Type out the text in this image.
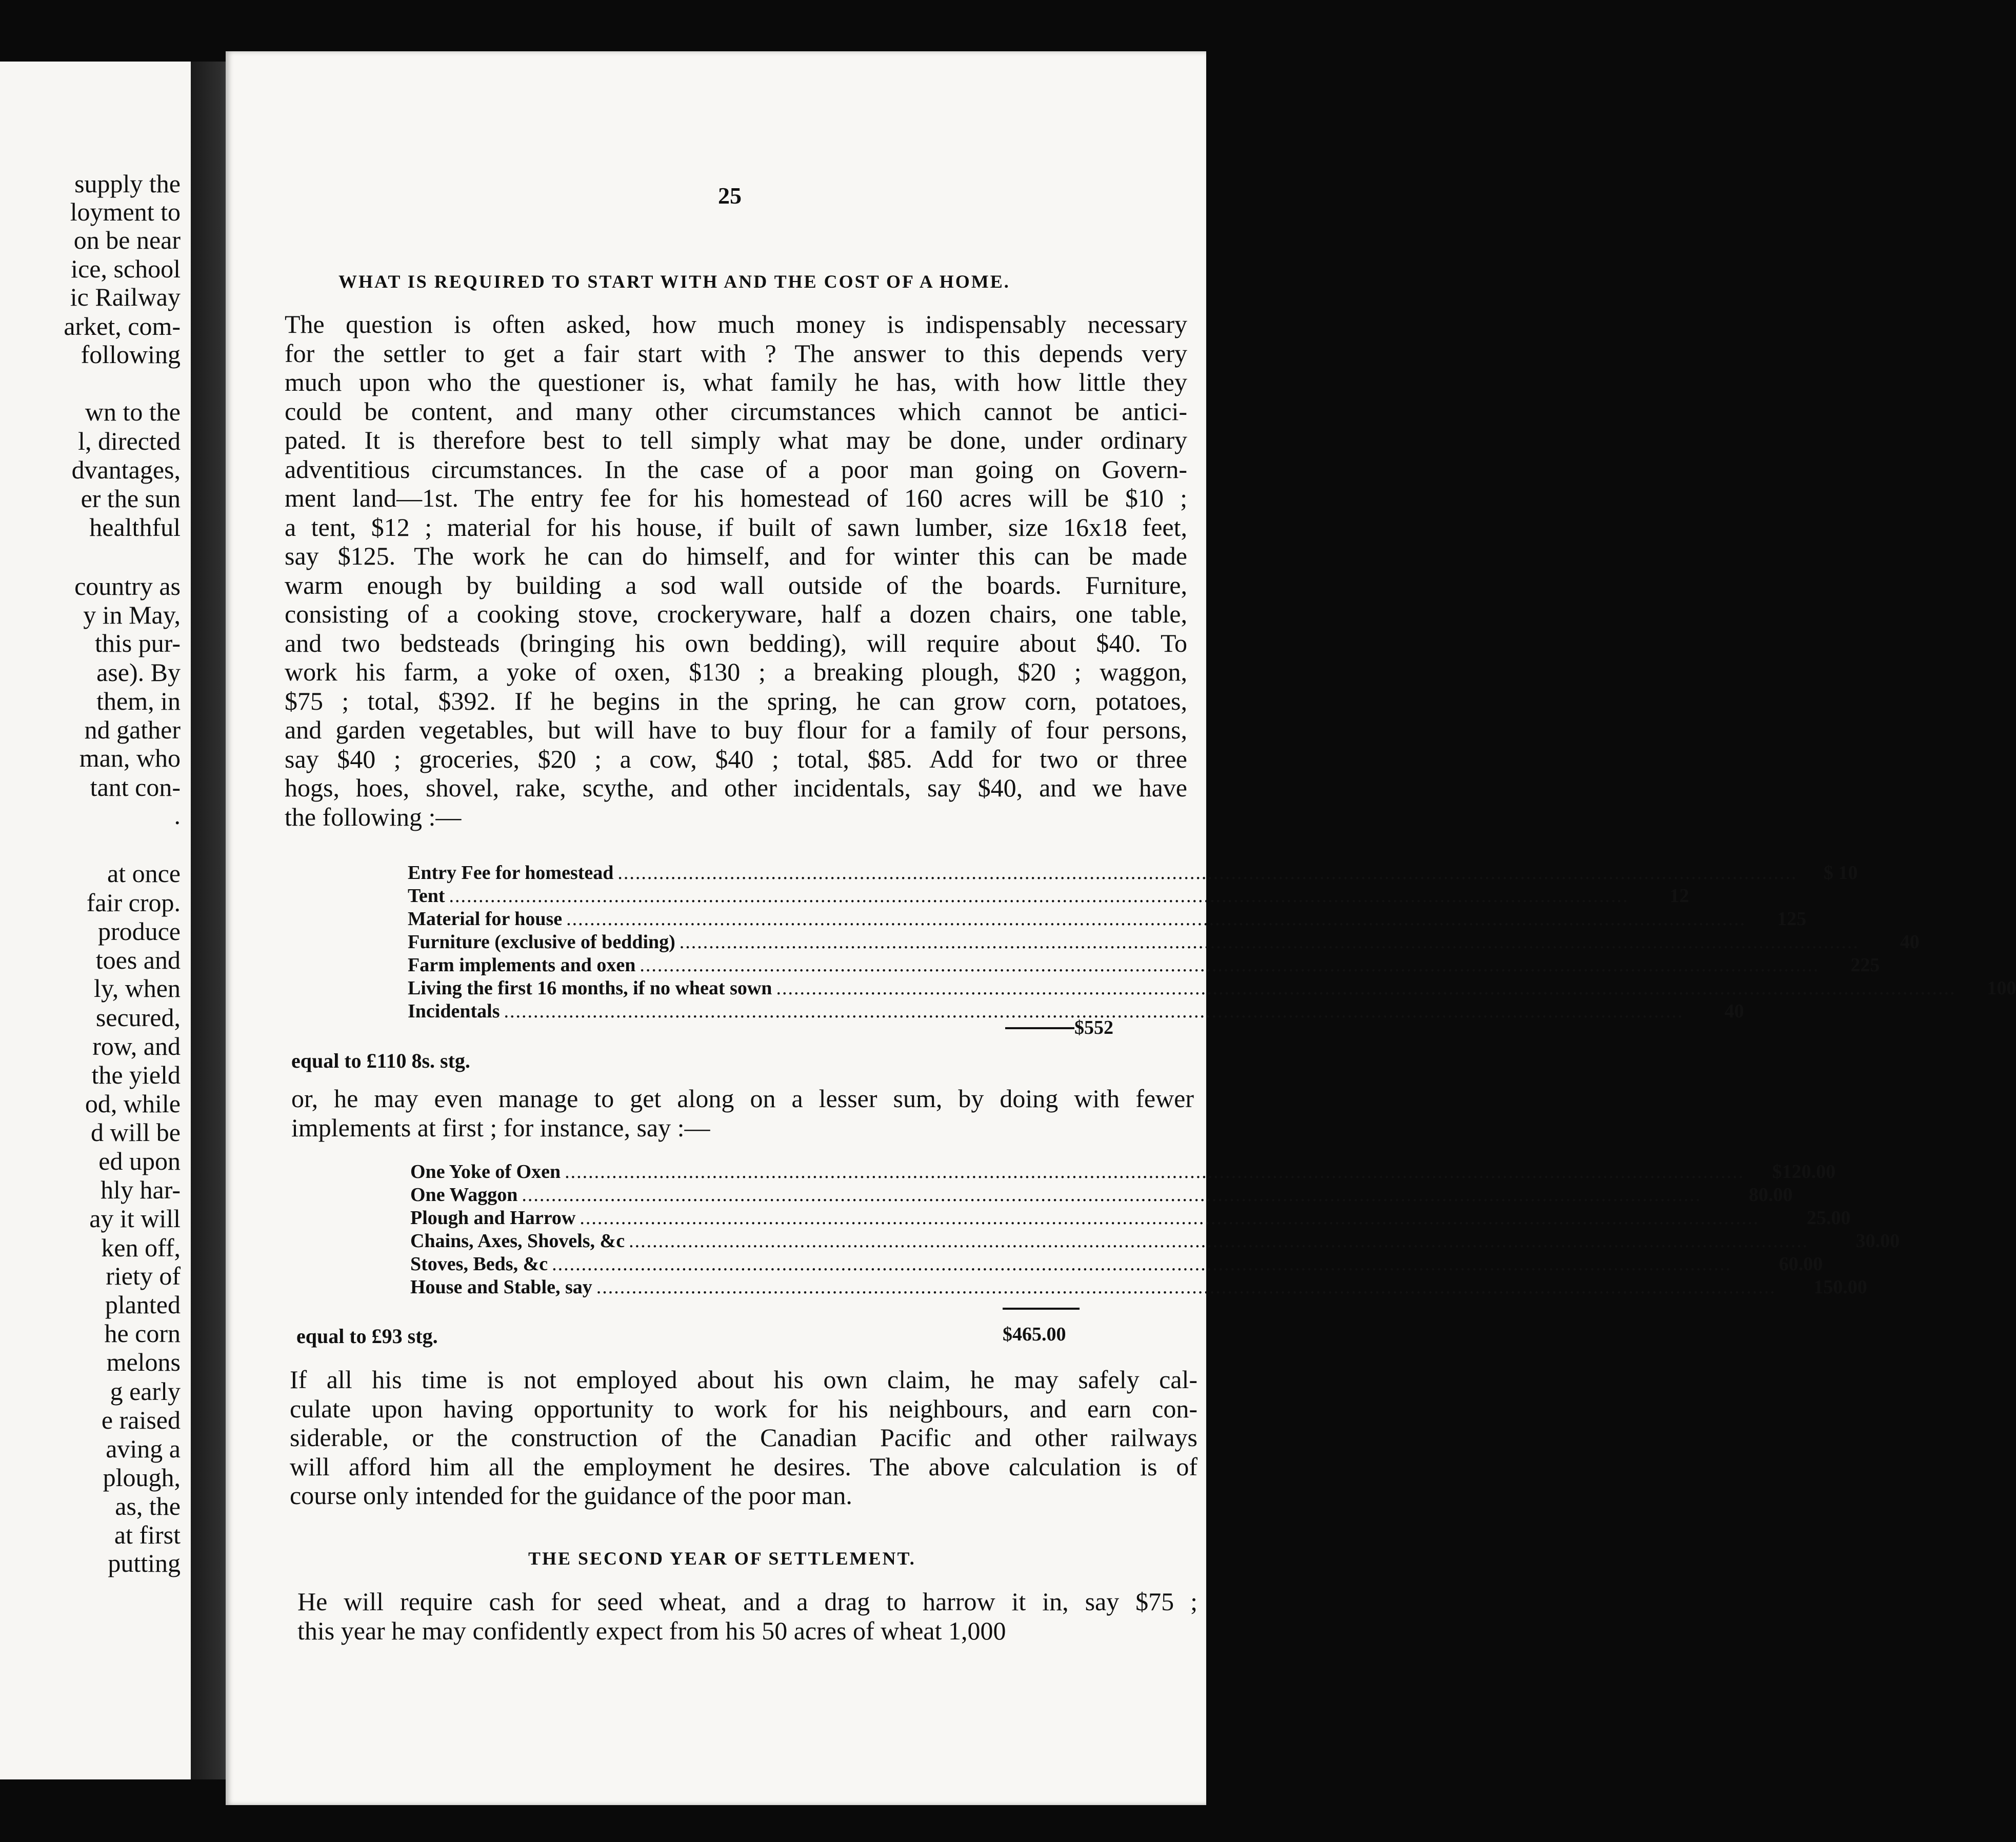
supply the
loyment to
on be near
ice, school
ic Railway
arket, com-
following
wn to the
l, directed
dvantages,
er the sun
healthful
country as
y in May,
this pur-
ase). By
them, in
nd gather
man, who
tant con-
.
at once
fair crop.
produce
toes and
ly, when
secured,
row, and
the yield
od, while
d will be
ed upon
hly har-
ay it will
ken off,
riety of
planted
he corn
melons
g early
e raised
aving a
plough,
as, the
at first
putting
25
WHAT IS REQUIRED TO START WITH AND THE COST OF A HOME.
The question is often asked, how much money is indispensably necessary
for the settler to get a fair start with ? The answer to this depends very
much upon who the questioner is, what family he has, with how little they
could be content, and many other circumstances which cannot be antici-
pated. It is therefore best to tell simply what may be done, under ordinary
adventitious circumstances. In the case of a poor man going on Govern-
ment land—1st. The entry fee for his homestead of 160 acres will be $10 ;
a tent, $12 ; material for his house, if built of sawn lumber, size 16x18 feet,
say $125. The work he can do himself, and for winter this can be made
warm enough by building a sod wall outside of the boards. Furniture,
consisting of a cooking stove, crockeryware, half a dozen chairs, one table,
and two bedsteads (bringing his own bedding), will require about $40. To
work his farm, a yoke of oxen, $130 ; a breaking plough, $20 ; waggon,
$75 ; total, $392. If he begins in the spring, he can grow corn, potatoes,
and garden vegetables, but will have to buy flour for a family of four persons,
say $40 ; groceries, $20 ; a cow, $40 ; total, $85. Add for two or three
hogs, hoes, shovel, rake, scythe, and other incidentals, say $40, and we have
the following :—
Entry Fee for homestead ........................................................................................................................................................................................................	$ 10
Tent ........................................................................................................................................................................................................	12
Material for house ........................................................................................................................................................................................................	125
Furniture (exclusive of bedding) ........................................................................................................................................................................................................	40
Farm implements and oxen ........................................................................................................................................................................................................	225
Living the first 16 months, if no wheat sown ........................................................................................................................................................................................................	100
Incidentals ........................................................................................................................................................................................................	40
$552
equal to £110 8s. stg.
or, he may even manage to get along on a lesser sum, by doing with fewer
implements at first ; for instance, say :—
One Yoke of Oxen ........................................................................................................................................................................................................	$120.00
One Waggon ........................................................................................................................................................................................................	80.00
Plough and Harrow ........................................................................................................................................................................................................	25.00
Chains, Axes, Shovels, &c ........................................................................................................................................................................................................	30.00
Stoves, Beds, &c ........................................................................................................................................................................................................	60.00
House and Stable, say ........................................................................................................................................................................................................	150.00
$465.00
equal to £93 stg.
If all his time is not employed about his own claim, he may safely cal-
culate upon having opportunity to work for his neighbours, and earn con-
siderable, or the construction of the Canadian Pacific and other railways
will afford him all the employment he desires. The above calculation is of
course only intended for the guidance of the poor man.
THE SECOND YEAR OF SETTLEMENT.
He will require cash for seed wheat, and a drag to harrow it in, say $75 ;
this year he may confidently expect from his 50 acres of wheat 1,000
